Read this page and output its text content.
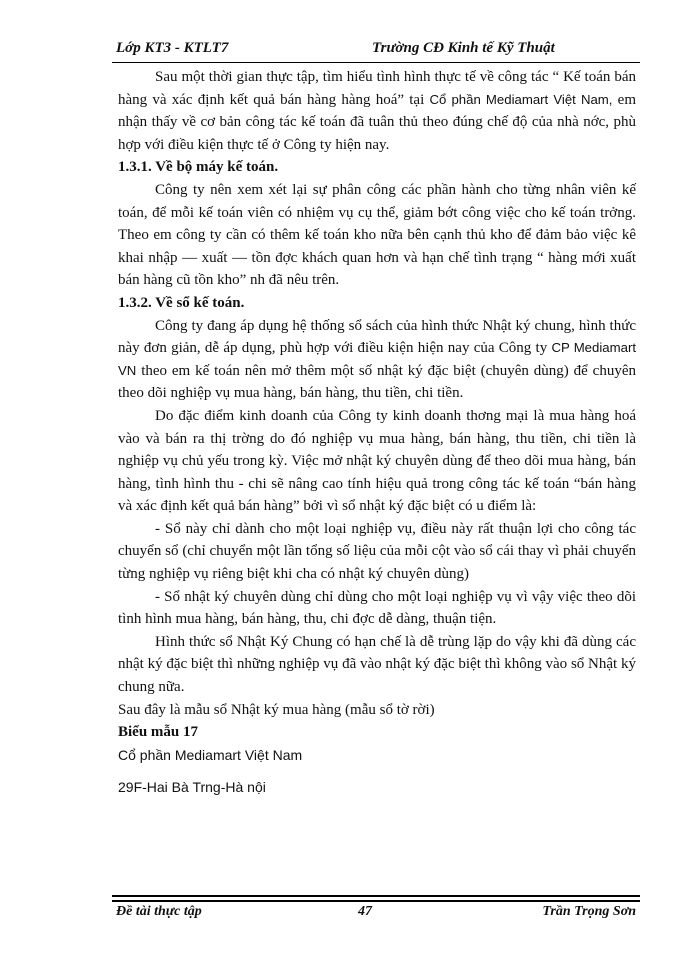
Lớp KT3 - KTLT7	Trường CĐ Kinh tế Kỹ Thuật

Sau một thời gian thực tập, tìm hiểu tình hình thực tế về công tác “ Kế toán bán hàng và xác định kết quả bán hàng hàng hoá” tại Cổ phần Mediamart Việt Nam, em nhận thấy về cơ bản công tác kế toán đã tuân thủ theo đúng chế độ của nhà nớc, phù hợp với điều kiện thực tế ở Công ty hiện nay.

1.3.1. Về bộ máy kế toán.

Công ty nên xem xét lại sự phân công các phần hành cho từng nhân viên kế toán, để mỗi kế toán viên có nhiệm vụ cụ thể, giảm bớt công việc cho kế toán trởng. Theo em công ty cần có thêm kế toán kho nữa bên cạnh thủ kho để đảm bảo việc kê khai nhập — xuất — tồn đợc khách quan hơn và hạn chế tình trạng “ hàng mới xuất bán hàng cũ tồn kho” nh đã nêu trên.

1.3.2. Về sổ kế toán.

Công ty đang áp dụng hệ thống sổ sách của hình thức Nhật ký chung, hình thức này đơn giản, dễ áp dụng, phù hợp với điều kiện hiện nay của Công ty CP Mediamart VN theo em kế toán nên mở thêm một số nhật ký đặc biệt (chuyên dùng) để chuyên theo dõi nghiệp vụ mua hàng, bán hàng, thu tiền, chi tiền.

Do đặc điểm kinh doanh của Công ty kinh doanh thơng mại là mua hàng hoá vào và bán ra thị trờng do đó nghiệp vụ mua hàng, bán hàng, thu tiền, chi tiền là nghiệp vụ chủ yếu trong kỳ. Việc mở nhật ký chuyên dùng để theo dõi mua hàng, bán hàng, tình hình thu - chi sẽ nâng cao tính hiệu quả trong công tác kế toán “bán hàng và xác định kết quả bán hàng” bởi vì sổ nhật ký đặc biệt có u điểm là:

- Sổ này chỉ dành cho một loại nghiệp vụ, điều này rất thuận lợi cho công tác chuyển sổ (chỉ chuyển một lần tổng số liệu của mỗi cột vào sổ cái thay vì phải chuyển từng nghiệp vụ riêng biệt khi cha có nhật ký chuyên dùng)

- Sổ nhật ký chuyên dùng chỉ dùng cho một loại nghiệp vụ vì vậy việc theo dõi tình hình mua hàng, bán hàng, thu, chi đợc dễ dàng, thuận tiện.

Hình thức sổ Nhật Ký Chung có hạn chế là dễ trùng lặp do vậy khi đã dùng các nhật ký đặc biệt thì những nghiệp vụ đã vào nhật ký đặc biệt thì không vào sổ Nhật ký chung nữa.

Sau đây là mẫu sổ Nhật ký mua hàng (mẫu sổ tờ rời)

Biểu mẫu 17

Cổ phần Mediamart Việt Nam

29F-Hai Bà Trng-Hà nội

Đề tài thực tập	47	Trần Trọng Sơn
